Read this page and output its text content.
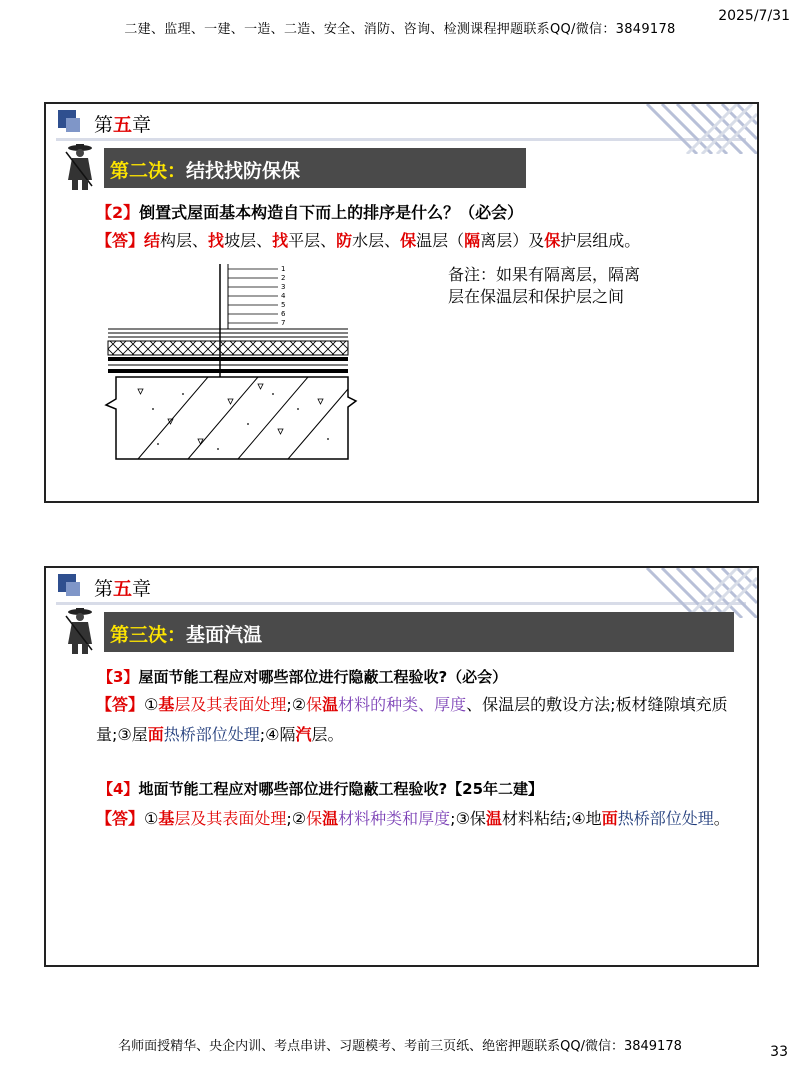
二建、监理、一建、一造、二造、安全、消防、咨询、检测课程押题联系QQ/微信：3849178
2025/7/31
第五章
第二决：结找找防保保
【2】倒置式屋面基本构造自下而上的排序是什么？（必会）
【答】结构层、找坡层、找平层、防水层、保温层（隔离层）及保护层组成。
备注：如果有隔离层，隔离
层在保温层和保护层之间
1
2
3
4
5
6
7
第五章
第三决：基面汽温
【3】屋面节能工程应对哪些部位进行隐蔽工程验收?（必会）
【答】①基层及其表面处理;②保温材料的种类、厚度、保温层的敷设方法;板材缝隙填充质量;③屋面热桥部位处理;④隔汽层。
【4】地面节能工程应对哪些部位进行隐蔽工程验收?【25年二建】
【答】①基层及其表面处理;②保温材料种类和厚度;③保温材料粘结;④地面热桥部位处理。
名师面授精华、央企内训、考点串讲、习题模考、考前三页纸、绝密押题联系QQ/微信：3849178	33
